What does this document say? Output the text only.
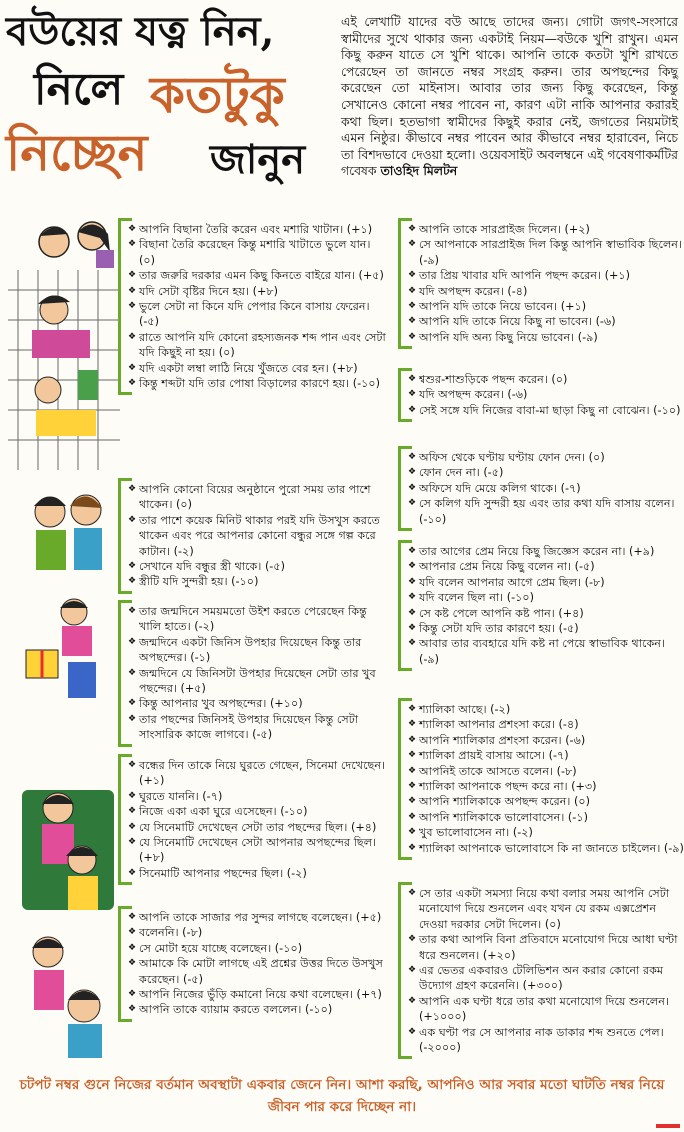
বউয়ের যত্ন নিন,
নিলে কতটুকু
নিচ্ছেন জানুন
এই লেখাটি যাদের বউ আছে তাদের জন্য। গোটা জগৎ-সংসারে স্বামীদের সুখে থাকার জন্য একটাই নিয়ম—বউকে খুশি রাখুন। এমন কিছু করুন যাতে সে খুশি থাকে। আপনি তাকে কতটা খুশি রাখতে পেরেছেন তা জানতে নম্বর সংগ্রহ করুন। তার অপছন্দের কিছু করেছেন তো মাইনাস। আবার তার জন্য কিছু করেছেন, কিন্তু সেখানেও কোনো নম্বর পাবেন না, কারণ এটা নাকি আপনার করারই কথা ছিল। হতভাগা স্বামীদের কিছুই করার নেই, জগতের নিয়মটাই এমন নিষ্ঠুর। কীভাবে নম্বর পাবেন আর কীভাবে নম্বর হারাবেন, নিচে তা বিশদভাবে দেওয়া হলো। ওয়েবসাইট অবলম্বনে এই গবেষণাকর্মটির গবেষক তাওহিদ মিলটন
❖ আপনি বিছানা তৈরি করেন এবং মশারি খাটান। (+১)
❖ বিছানা তৈরি করেছেন কিন্তু মশারি খাটাতে ভুলে যান। (০)
❖ তার জরুরি দরকার এমন কিছু কিনতে বাইরে যান। (+৫)
❖ যদি সেটা বৃষ্টির দিনে হয়। (+৮)
❖ ভুলে সেটা না কিনে যদি পেপার কিনে বাসায় ফেরেন। (-৫)
❖ রাতে আপনি যদি কোনো রহস্যজনক শব্দ পান এবং সেটা যদি কিছুই না হয়। (০)
❖ যদি একটা লম্বা লাঠি নিয়ে খুঁজতে বের হন। (+৮)
❖ কিন্তু শব্দটা যদি তার পোষা বিড়ালের কারণে হয়। (-১০)
❖ আপনি কোনো বিয়ের অনুষ্ঠানে পুরো সময় তার পাশে থাকেন। (০)
❖ তার পাশে কয়েক মিনিট থাকার পরই যদি উসখুস করতে থাকেন এবং পরে আপনার কোনো বন্ধুর সঙ্গে গল্প করে কাটান। (-২)
❖ সেখানে যদি বন্ধুর স্ত্রী থাকে। (-৫)
❖ স্ত্রীটি যদি সুন্দরী হয়। (-১০)
❖ তার জন্মদিনে সময়মতো উইশ করতে পেরেছেন কিন্তু খালি হাতে। (-২)
❖ জন্মদিনে একটা জিনিস উপহার দিয়েছেন কিন্তু তার অপছন্দের। (-১)
❖ জন্মদিনে যে জিনিসটা উপহার দিয়েছেন সেটা তার খুব পছন্দের। (+৫)
❖ কিন্তু আপনার খুব অপছন্দের। (+১০)
❖ তার পছন্দের জিনিসই উপহার দিয়েছেন কিন্তু সেটা সাংসারিক কাজে লাগবে। (-৫)
❖ বন্ধের দিন তাকে নিয়ে ঘুরতে গেছেন, সিনেমা দেখেছেন। (+১)
❖ ঘুরতে যাননি। (-৭)
❖ নিজে একা একা ঘুরে এসেছেন। (-১০)
❖ যে সিনেমাটি দেখেছেন সেটা তার পছন্দের ছিল। (+৪)
❖ যে সিনেমাটি দেখেছেন সেটা আপনার অপছন্দের ছিল। (+৮)
❖ সিনেমাটি আপনার পছন্দের ছিল। (-২)
❖ আপনি তাকে সাজার পর সুন্দর লাগছে বলেছেন। (+৫)
❖ বলেননি। (-৮)
❖ সে মোটা হয়ে যাচ্ছে বলেছেন। (-১০)
❖ আমাকে কি মোটা লাগছে এই প্রশ্নের উত্তর দিতে উসখুস করেছেন। (-৫)
❖ আপনি নিজের ভুঁড়ি কমানো নিয়ে কথা বলেছেন। (+৭)
❖ আপনি তাকে ব্যায়াম করতে বললেন। (-১০)
❖ আপনি তাকে সারপ্রাইজ দিলেন। (+২)
❖ সে আপনাকে সারপ্রাইজ দিল কিন্তু আপনি স্বাভাবিক ছিলেন। (-৯)
❖ তার প্রিয় খাবার যদি আপনি পছন্দ করেন। (+১)
❖ যদি অপছন্দ করেন। (-৪)
❖ আপনি যদি তাকে নিয়ে ভাবেন। (+১)
❖ আপনি যদি তাকে নিয়ে কিছু না ভাবেন। (-৬)
❖ আপনি যদি অন্য কিছু নিয়ে ভাবেন। (-৯)
❖ শ্বশুর-শাশুড়িকে পছন্দ করেন। (০)
❖ যদি অপছন্দ করেন। (-৬)
❖ সেই সঙ্গে যদি নিজের বাবা-মা ছাড়া কিছু না বোঝেন। (-১০)
❖ অফিস থেকে ঘণ্টায় ঘণ্টায় ফোন দেন। (০)
❖ ফোন দেন না। (-৫)
❖ অফিসে যদি মেয়ে কলিগ থাকে। (-৭)
❖ সে কলিগ যদি সুন্দরী হয় এবং তার কথা যদি বাসায় বলেন। (-১০)
❖ তার আগের প্রেম নিয়ে কিছু জিজ্ঞেস করেন না। (+৯)
❖ আপনার প্রেম নিয়ে কিছু বলেন না। (-৫)
❖ যদি বলেন আপনার আগে প্রেম ছিল। (-৮)
❖ যদি বলেন ছিল না। (-১০)
❖ সে কষ্ট পেলে আপনি কষ্ট পান। (+৪)
❖ কিন্তু সেটা যদি তার কারণে হয়। (-৫)
❖ আবার তার ব্যবহারে যদি কষ্ট না পেয়ে স্বাভাবিক থাকেন। (-৯)
❖ শ্যালিকা আছে। (-২)
❖ শ্যালিকা আপনার প্রশংসা করে। (-৪)
❖ আপনি শ্যালিকার প্রশংসা করেন। (-৬)
❖ শ্যালিকা প্রায়ই বাসায় আসে। (-৭)
❖ আপনিই তাকে আসতে বলেন। (-৮)
❖ শ্যালিকা আপনাকে পছন্দ করে না। (+৩)
❖ আপনি শ্যালিকাকে অপছন্দ করেন। (০)
❖ আপনি শ্যালিকাকে ভালোবাসেন। (-১)
❖ খুব ভালোবাসেন না। (-২)
❖ শ্যালিকা আপনাকে ভালোবাসে কি না জানতে চাইলেন। (-৯)
❖ সে তার একটা সমস্যা নিয়ে কথা বলার সময় আপনি সেটা মনোযোগ দিয়ে শুনলেন এবং যখন যে রকম এক্সপ্রেশন দেওয়া দরকার সেটা দিলেন। (০)
❖ তার কথা আপনি বিনা প্রতিবাদে মনোযোগ দিয়ে আধা ঘণ্টা ধরে শুনলেন। (+২০)
❖ এর ভেতর একবারও টেলিভিশন অন করার কোনো রকম উদ্যোগ গ্রহণ করেননি। (+৩০০)
❖ আপনি এক ঘণ্টা ধরে তার কথা মনোযোগ দিয়ে শুনলেন। (+১০০০)
❖ এক ঘণ্টা পর সে আপনার নাক ডাকার শব্দ শুনতে পেল। (-২০০০)
চটপট নম্বর গুনে নিজের বর্তমান অবস্থাটা একবার জেনে নিন। আশা করছি, আপনিও আর সবার মতো ঘাটতি নম্বর নিয়ে জীবন পার করে দিচ্ছেন না।
